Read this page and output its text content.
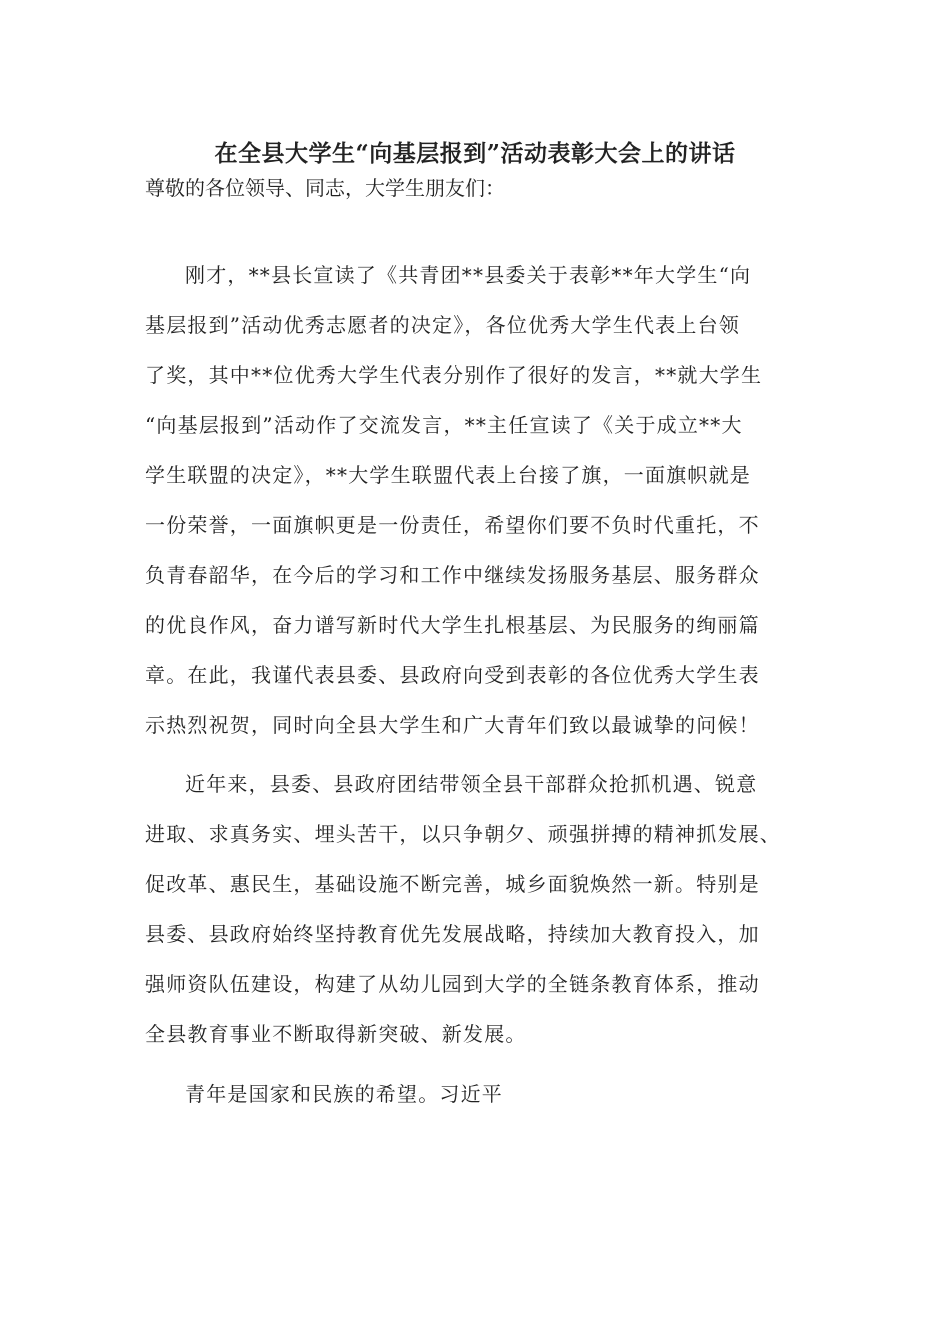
在全县大学生“向基层报到”活动表彰大会上的讲话
尊敬的各位领导、同志，大学生朋友们：
刚才，**县长宣读了《共青团**县委关于表彰**年大学生“向
基层报到”活动优秀志愿者的决定》，各位优秀大学生代表上台领
了奖，其中**位优秀大学生代表分别作了很好的发言，**就大学生
“向基层报到”活动作了交流发言，**主任宣读了《关于成立**大
学生联盟的决定》，**大学生联盟代表上台接了旗，一面旗帜就是
一份荣誉，一面旗帜更是一份责任，希望你们要不负时代重托，不
负青春韶华，在今后的学习和工作中继续发扬服务基层、服务群众
的优良作风，奋力谱写新时代大学生扎根基层、为民服务的绚丽篇
章。在此，我谨代表县委、县政府向受到表彰的各位优秀大学生表
示热烈祝贺，同时向全县大学生和广大青年们致以最诚挚的问候！
近年来，县委、县政府团结带领全县干部群众抢抓机遇、锐意
进取、求真务实、埋头苦干，以只争朝夕、顽强拼搏的精神抓发展、
促改革、惠民生，基础设施不断完善，城乡面貌焕然一新。特别是
县委、县政府始终坚持教育优先发展战略，持续加大教育投入，加
强师资队伍建设，构建了从幼儿园到大学的全链条教育体系，推动
全县教育事业不断取得新突破、新发展。
青年是国家和民族的希望。习近平
